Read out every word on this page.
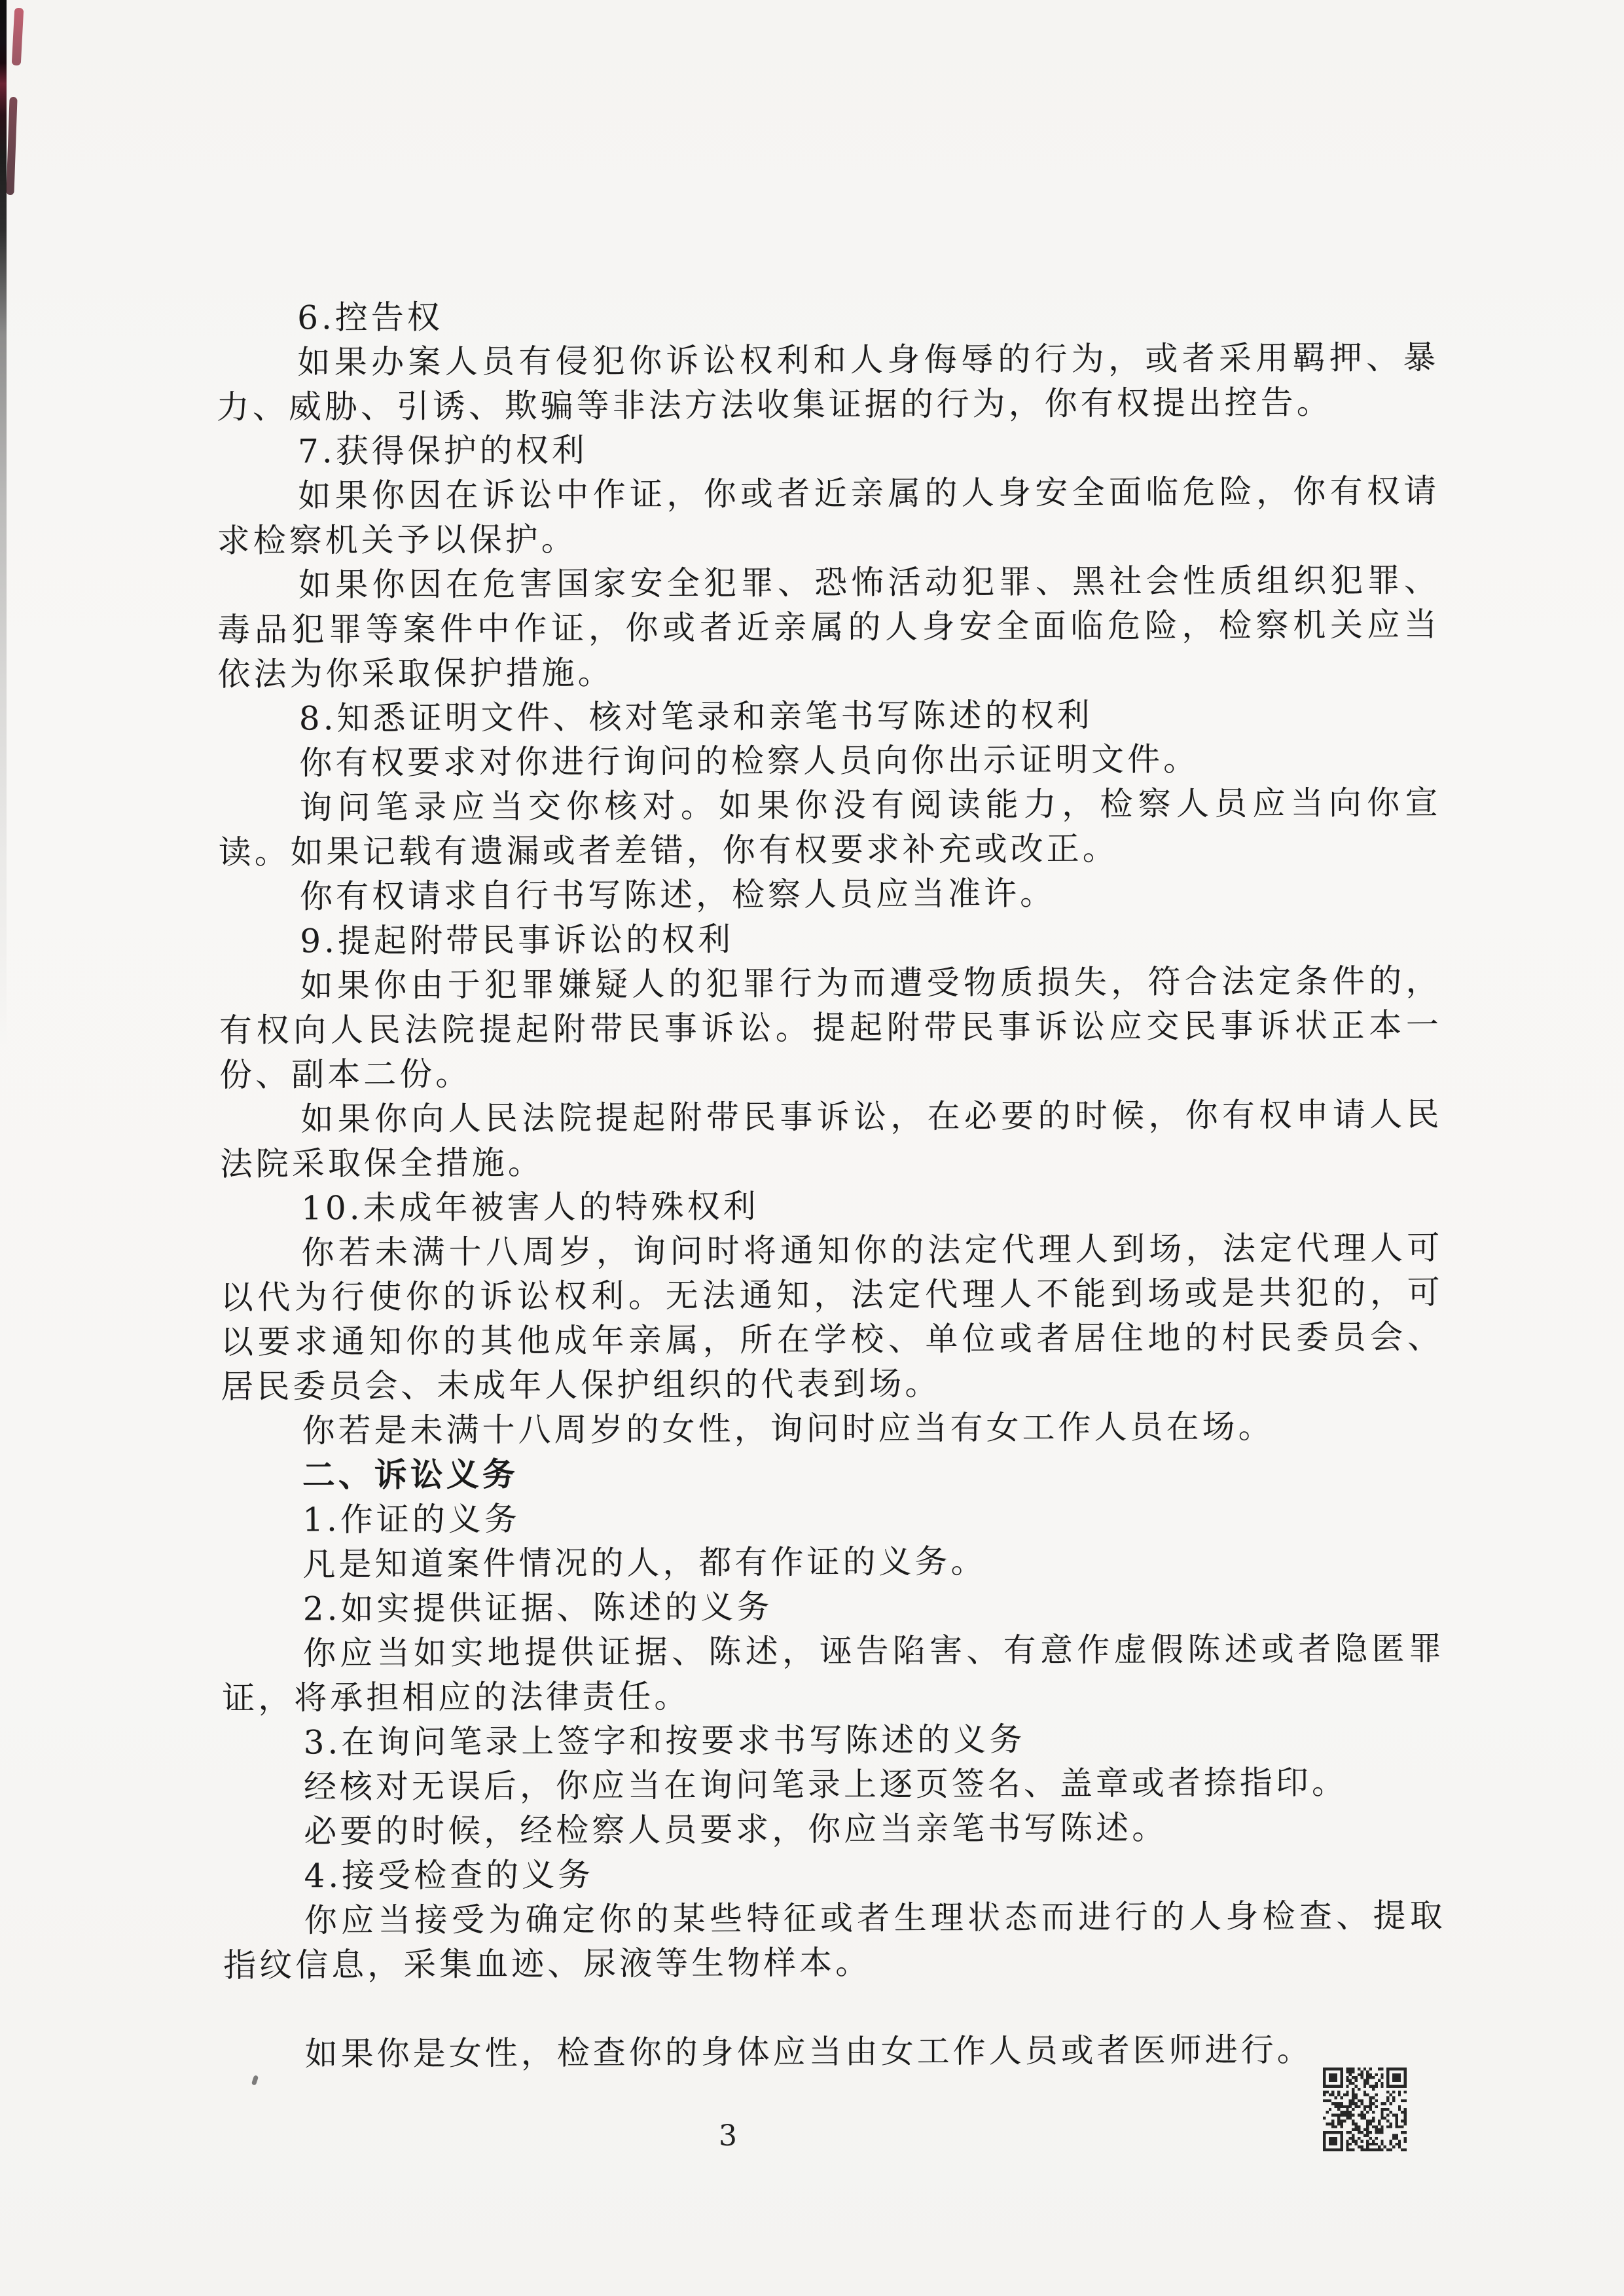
6.控告权

如果办案人员有侵犯你诉讼权利和人身侮辱的行为，或者采用羁押、暴力、威胁、引诱、欺骗等非法方法收集证据的行为，你有权提出控告。

7.获得保护的权利

如果你因在诉讼中作证，你或者近亲属的人身安全面临危险，你有权请求检察机关予以保护。

如果你因在危害国家安全犯罪、恐怖活动犯罪、黑社会性质组织犯罪、毒品犯罪等案件中作证，你或者近亲属的人身安全面临危险，检察机关应当依法为你采取保护措施。

8.知悉证明文件、核对笔录和亲笔书写陈述的权利

你有权要求对你进行询问的检察人员向你出示证明文件。

询问笔录应当交你核对。如果你没有阅读能力，检察人员应当向你宣读。如果记载有遗漏或者差错，你有权要求补充或改正。

你有权请求自行书写陈述，检察人员应当准许。

9.提起附带民事诉讼的权利

如果你由于犯罪嫌疑人的犯罪行为而遭受物质损失，符合法定条件的，有权向人民法院提起附带民事诉讼。提起附带民事诉讼应交民事诉状正本一份、副本二份。

如果你向人民法院提起附带民事诉讼，在必要的时候，你有权申请人民法院采取保全措施。

10.未成年被害人的特殊权利

你若未满十八周岁，询问时将通知你的法定代理人到场，法定代理人可以代为行使你的诉讼权利。无法通知，法定代理人不能到场或是共犯的，可以要求通知你的其他成年亲属，所在学校、单位或者居住地的村民委员会、居民委员会、未成年人保护组织的代表到场。

你若是未满十八周岁的女性，询问时应当有女工作人员在场。

二、诉讼义务

1.作证的义务

凡是知道案件情况的人，都有作证的义务。

2.如实提供证据、陈述的义务

你应当如实地提供证据、陈述，诬告陷害、有意作虚假陈述或者隐匿罪证，将承担相应的法律责任。

3.在询问笔录上签字和按要求书写陈述的义务

经核对无误后，你应当在询问笔录上逐页签名、盖章或者捺指印。

必要的时候，经检察人员要求，你应当亲笔书写陈述。

4.接受检查的义务

你应当接受为确定你的某些特征或者生理状态而进行的人身检查、提取指纹信息，采集血迹、尿液等生物样本。

如果你是女性，检查你的身体应当由女工作人员或者医师进行。

3
